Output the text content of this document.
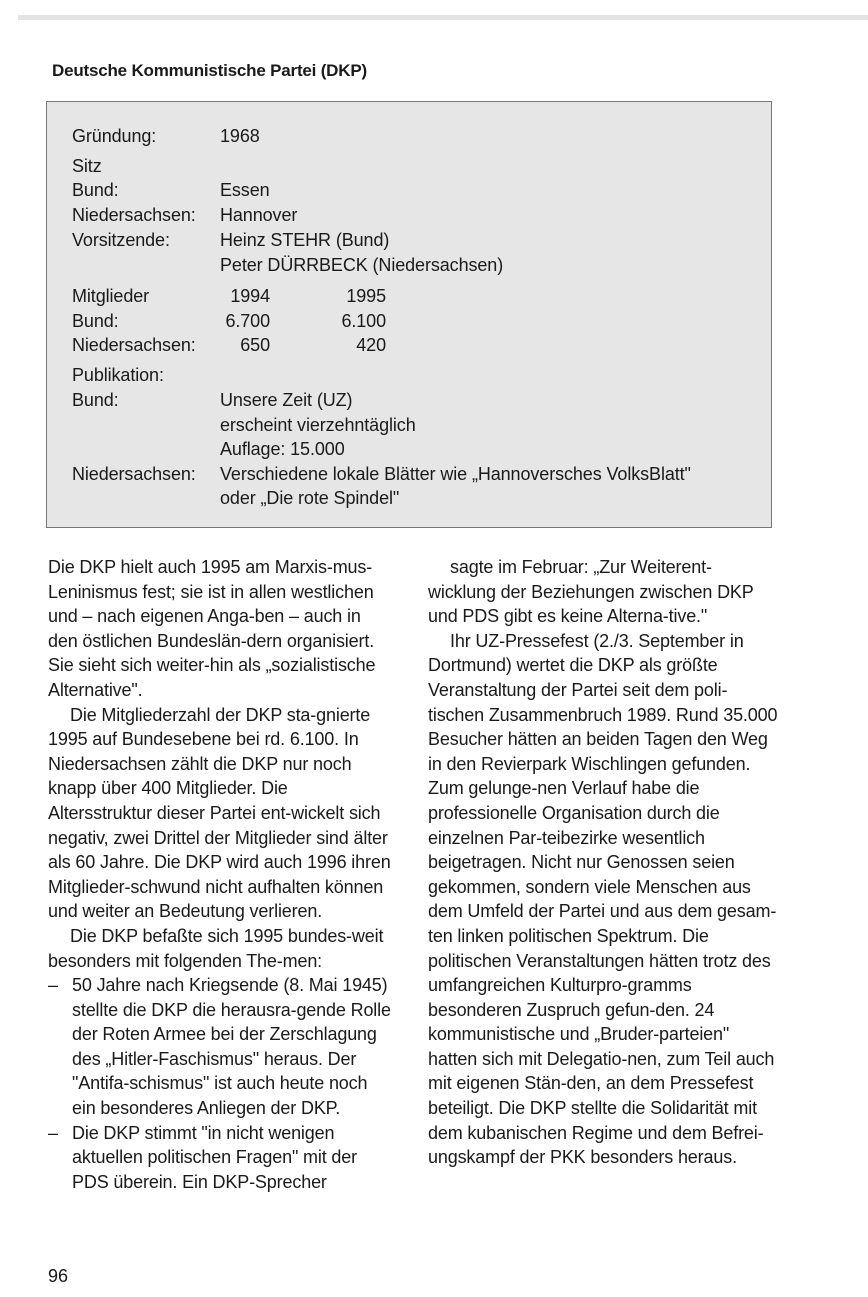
Deutsche Kommunistische Partei (DKP)
Gründung:	1968
Sitz
Bund:	Essen
Niedersachsen: Hannover
Vorsitzende:	Heinz STEHR (Bund)
Peter DÜRRBECK (Niedersachsen)
Mitglieder	1994	1995
Bund:	6.700	6.100
Niedersachsen:	650	420
Publikation:
Bund:	Unsere Zeit (UZ)
erscheint vierzehntäglich
Auflage: 15.000
Niedersachsen: Verschiedene lokale Blätter wie „Hannoversches VolksBlatt"
oder „Die rote Spindel"

Die DKP hielt auch 1995 am Marxis-mus-Leninismus fest; sie ist in allen westlichen und – nach eigenen Anga-ben – auch in den östlichen Bundeslän-dern organisiert. Sie sieht sich weiter-hin als „sozialistische Alternative".

Die Mitgliederzahl der DKP sta-gnierte 1995 auf Bundesebene bei rd. 6.100. In Niedersachsen zählt die DKP nur noch knapp über 400 Mitglieder. Die Altersstruktur dieser Partei ent-wickelt sich negativ, zwei Drittel der Mitglieder sind älter als 60 Jahre. Die DKP wird auch 1996 ihren Mitglieder-schwund nicht aufhalten können und weiter an Bedeutung verlieren.

Die DKP befaßte sich 1995 bundes-weit besonders mit folgenden The-men:

– 50 Jahre nach Kriegsende (8. Mai 1945) stellte die DKP die herausra-gende Rolle der Roten Armee bei der Zerschlagung des „Hitler-Faschismus" heraus. Der "Antifa-schismus" ist auch heute noch ein besonderes Anliegen der DKP.
– Die DKP stimmt "in nicht wenigen aktuellen politischen Fragen" mit der PDS überein. Ein DKP-Sprecher

sagte im Februar: „Zur Weiterent-wicklung der Beziehungen zwischen DKP und PDS gibt es keine Alterna-tive."

Ihr UZ-Pressefest (2./3. September in Dortmund) wertet die DKP als größte Veranstaltung der Partei seit dem poli-tischen Zusammenbruch 1989. Rund 35.000 Besucher hätten an beiden Tagen den Weg in den Revierpark Wischlingen gefunden. Zum gelunge-nen Verlauf habe die professionelle Organisation durch die einzelnen Par-teibezirke wesentlich beigetragen. Nicht nur Genossen seien gekommen, sondern viele Menschen aus dem Umfeld der Partei und aus dem gesam-ten linken politischen Spektrum. Die politischen Veranstaltungen hätten trotz des umfangreichen Kulturpro-gramms besonderen Zuspruch gefun-den. 24 kommunistische und „Bruder-parteien" hatten sich mit Delegatio-nen, zum Teil auch mit eigenen Stän-den, an dem Pressefest beteiligt. Die DKP stellte die Solidarität mit dem kubanischen Regime und dem Befrei-ungskampf der PKK besonders heraus.

96
